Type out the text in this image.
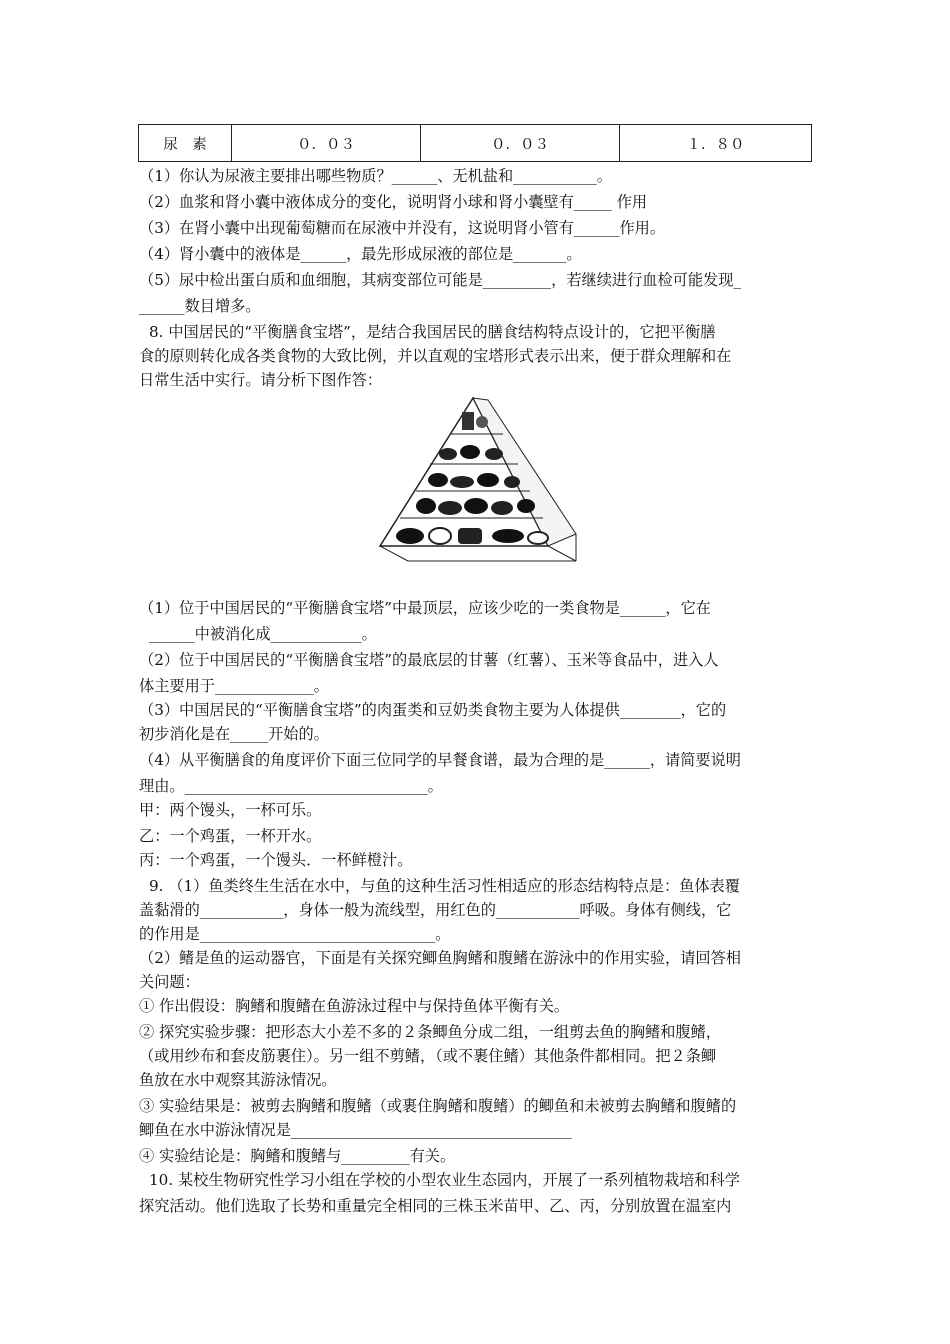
尿　素	０．０３	０．０３	１．８０
（1）你认为尿液主要排出哪些物质？______、无机盐和___________。
（2）血浆和肾小囊中液体成分的变化，说明肾小球和肾小囊壁有_____ 作用
（3）在肾小囊中出现葡萄糖而在尿液中并没有，这说明肾小管有______作用。
（4）肾小囊中的液体是______，最先形成尿液的部位是_______。
（5）尿中检出蛋白质和血细胞，其病变部位可能是_________，若继续进行血检可能发现_
______数目增多。
8. 中国居民的“平衡膳食宝塔”，是结合我国居民的膳食结构特点设计的，它把平衡膳
食的原则转化成各类食物的大致比例，并以直观的宝塔形式表示出来，便于群众理解和在
日常生活中实行。请分析下图作答：
（1）位于中国居民的“平衡膳食宝塔”中最顶层，应该少吃的一类食物是______，它在
______中被消化成____________。
（2）位于中国居民的“平衡膳食宝塔”的最底层的甘薯（红薯）、玉米等食品中，进入人
体主要用于_____________。
（3）中国居民的“平衡膳食宝塔”的肉蛋类和豆奶类食物主要为人体提供________，它的
初步消化是在_____开始的。
（4）从平衡膳食的角度评价下面三位同学的早餐食谱，最为合理的是______，请简要说明
理由。________________________________。
甲：两个馒头，一杯可乐。
乙：一个鸡蛋，一杯开水。
丙：一个鸡蛋，一个馒头．一杯鲜橙汁。
9. （1）鱼类终生生活在水中，与鱼的这种生活习性相适应的形态结构特点是：鱼体表覆
盖黏滑的___________，身体一般为流线型，用红色的___________呼吸。身体有侧线，它
的作用是_______________________________。
（2）鳍是鱼的运动器官，下面是有关探究鲫鱼胸鳍和腹鳍在游泳中的作用实验，请回答相
关问题：
① 作出假设：胸鳍和腹鳍在鱼游泳过程中与保持鱼体平衡有关。
② 探究实验步骤：把形态大小差不多的２条鲫鱼分成二组，一组剪去鱼的胸鳍和腹鳍，
（或用纱布和套皮筋裹住）。另一组不剪鳍，（或不裹住鳍）其他条件都相同。把２条鲫
鱼放在水中观察其游泳情况。
③ 实验结果是：被剪去胸鳍和腹鳍（或裹住胸鳍和腹鳍）的鲫鱼和未被剪去胸鳍和腹鳍的
鲫鱼在水中游泳情况是_____________________________________
④ 实验结论是：胸鳍和腹鳍与_________有关。
10. 某校生物研究性学习小组在学校的小型农业生态园内，开展了一系列植物栽培和科学
探究活动。他们选取了长势和重量完全相同的三株玉米苗甲、乙、丙，分别放置在温室内
